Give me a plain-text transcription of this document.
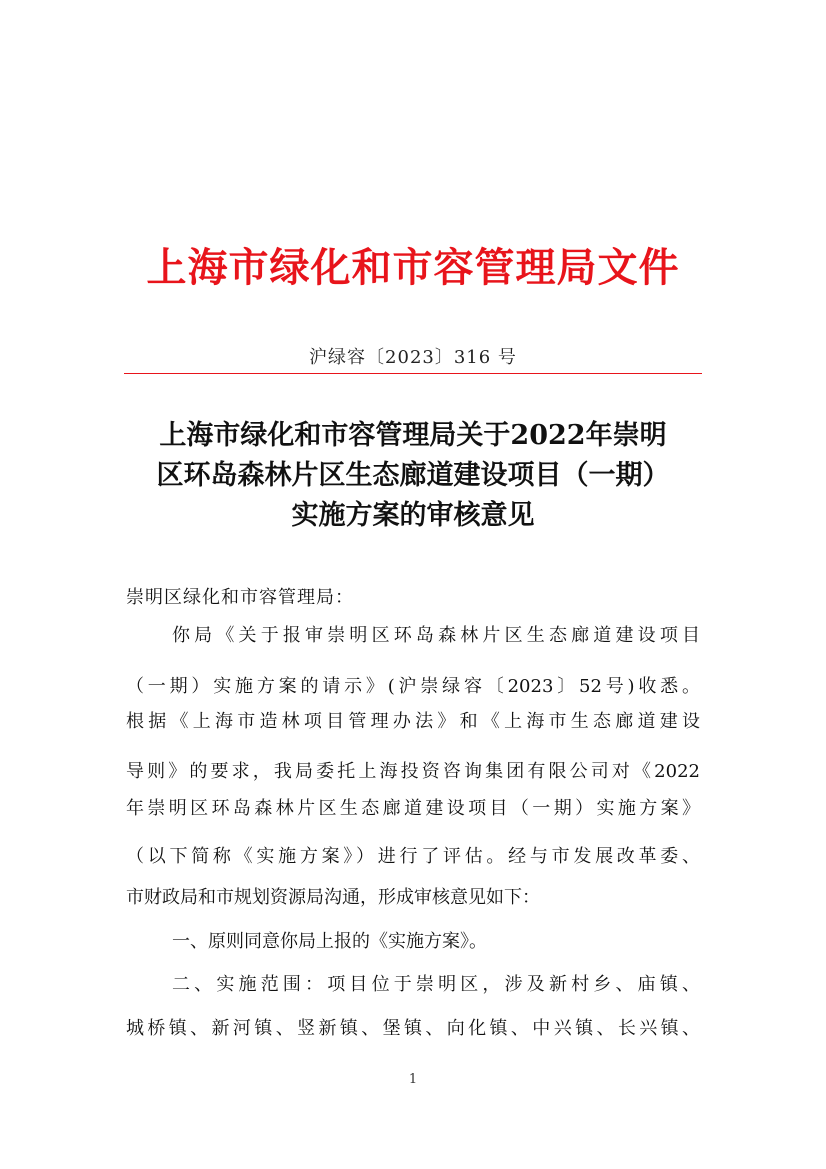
上海市绿化和市容管理局文件
沪绿容〔2023〕316 号
上海市绿化和市容管理局关于2022年崇明
区环岛森林片区生态廊道建设项目（一期）
实施方案的审核意见
崇明区绿化和市容管理局：
你局《关于报审崇明区环岛森林片区生态廊道建设项目
（一期）实施方案的请示》(沪崇绿容〔2023〕52号)收悉。
根据《上海市造林项目管理办法》和《上海市生态廊道建设
导则》的要求，我局委托上海投资咨询集团有限公司对《2022
年崇明区环岛森林片区生态廊道建设项目（一期）实施方案》
（以下简称《实施方案》）进行了评估。经与市发展改革委、
市财政局和市规划资源局沟通，形成审核意见如下：
一、原则同意你局上报的《实施方案》。
二、实施范围：项目位于崇明区，涉及新村乡、庙镇、
城桥镇、新河镇、竖新镇、堡镇、向化镇、中兴镇、长兴镇、
1
